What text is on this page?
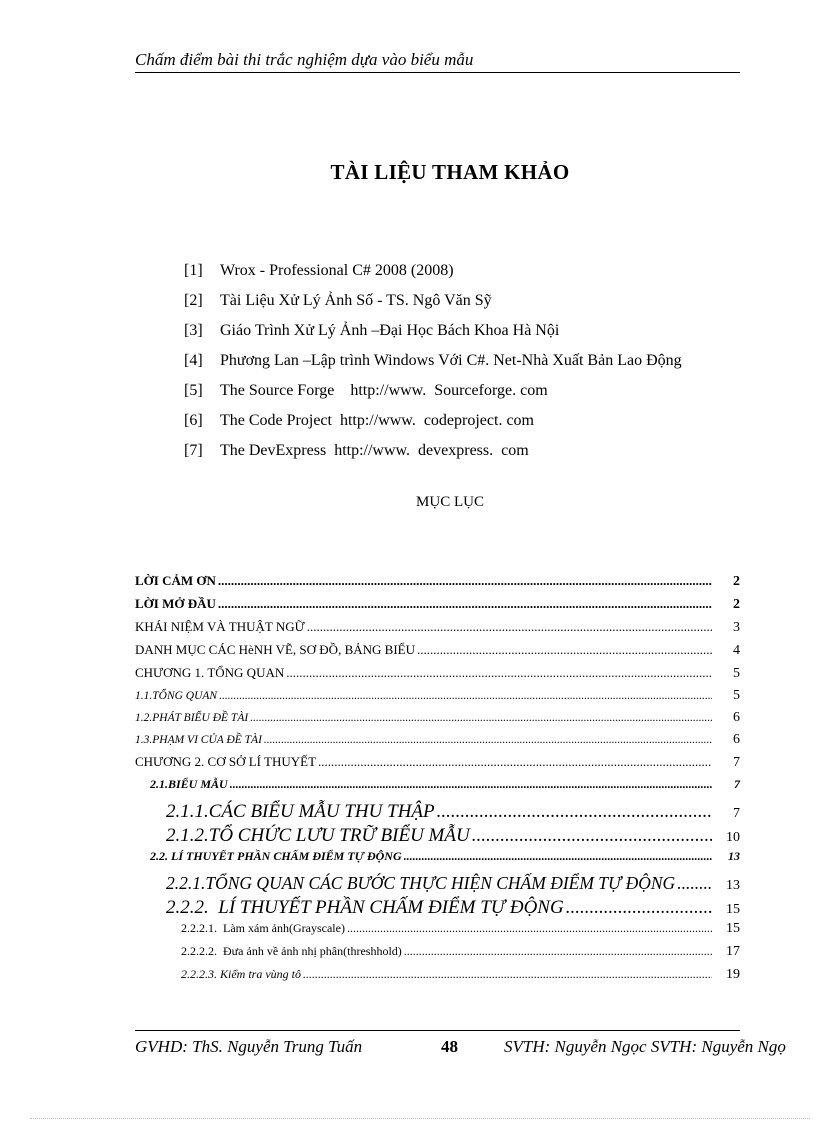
Chấm điểm bài thi trắc nghiệm dựa vào biểu mẫu
TÀI LIỆU THAM KHẢO
[1] Wrox - Professional C# 2008 (2008)
[2] Tài Liệu Xử Lý Ảnh Số - TS. Ngô Văn Sỹ
[3] Giáo Trình Xử Lý Ảnh –Đại Học Bách Khoa Hà Nội
[4] Phương Lan –Lập trình Windows Với C#. Net-Nhà Xuất Bản Lao Động
[5] The Source Forge    http://www.  Sourceforge. com
[6] The Code Project  http://www.  codeproject. com
[7] The DevExpress  http://www.  devexpress.  com
MỤC LỤC
LỜI CẢM ƠN .....	2
LỜI MỞ ĐẦU .....	2
KHÁI NIỆM VÀ THUẬT NGỮ .....	3
DANH MỤC CÁC HèNH VẼ, SƠ ĐỒ, BẢNG BIỂU .....	4
CHƯƠNG 1. TỔNG QUAN .....	5
1.1.TỔNG QUAN .....	5
1.2.PHÁT BIỂU ĐỀ TÀI .....	6
1.3.PHẠM VI CỦA ĐỀ TÀI .....	6
CHƯƠNG 2. CƠ SỞ LÍ THUYẾT .....	7
2.1.BIỂU MẪU .....	7
2.1.1.CÁC BIỂU MẪU THU THẬP .....	7
2.1.2.TỔ CHỨC LƯU TRỮ BIỂU MẪU .....	10
2.2. LÍ THUYẾT PHẦN CHẤM ĐIỂM TỰ ĐỘNG .....	13
2.2.1.TỔNG QUAN CÁC BƯỚC THỰC HIỆN CHẤM ĐIỂM TỰ ĐỘNG .....	13
2.2.2.  LÍ THUYẾT PHẦN CHẤM ĐIỂM TỰ ĐỘNG .....	15
2.2.2.1.  Làm xám ảnh(Grayscale) .....	15
2.2.2.2.  Đưa ảnh về ảnh nhị phân(threshhold) .....	17
2.2.2.3. Kiểm tra vùng tô .....	19
GVHD: ThS. Nguyễn Trung Tuấn	48	SVTH: Nguyễn Ngọc SVTH: Nguyễn Ngọ
